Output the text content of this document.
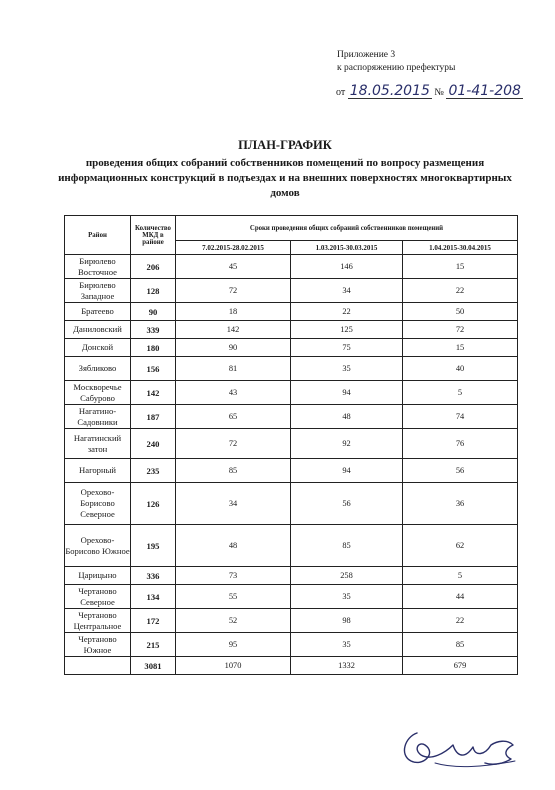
Приложение 3
к распоряжению префектуры
от 18.05.2015 № 01-41-208
ПЛАН-ГРАФИК
проведения общих собраний собственников помещений по вопросу размещения информационных конструкций в подъездах и на внешних поверхностях многоквартирных домов
Район	Количество МКД в районе	Сроки проведения общих собраний собственников помещений		
		7.02.2015-28.02.2015	1.03.2015-30.03.2015	1.04.2015-30.04.2015
Бирюлево Восточное	206	45	146	15
Бирюлево Западное	128	72	34	22
Братеево	90	18	22	50
Даниловский	339	142	125	72
Донской	180	90	75	15
Зябликово	156	81	35	40
Москворечье Сабурово	142	43	94	5
Нагатино-Садовники	187	65	48	74
Нагатинский затон	240	72	92	76
Нагорный	235	85	94	56
Орехово-Борисово Северное	126	34	56	36
Орехово-Борисово Южное	195	48	85	62
Царицыно	336	73	258	5
Чертаново Северное	134	55	35	44
Чертаново Центральное	172	52	98	22
Чертаново Южное	215	95	35	85
	3081	1070	1332	679
